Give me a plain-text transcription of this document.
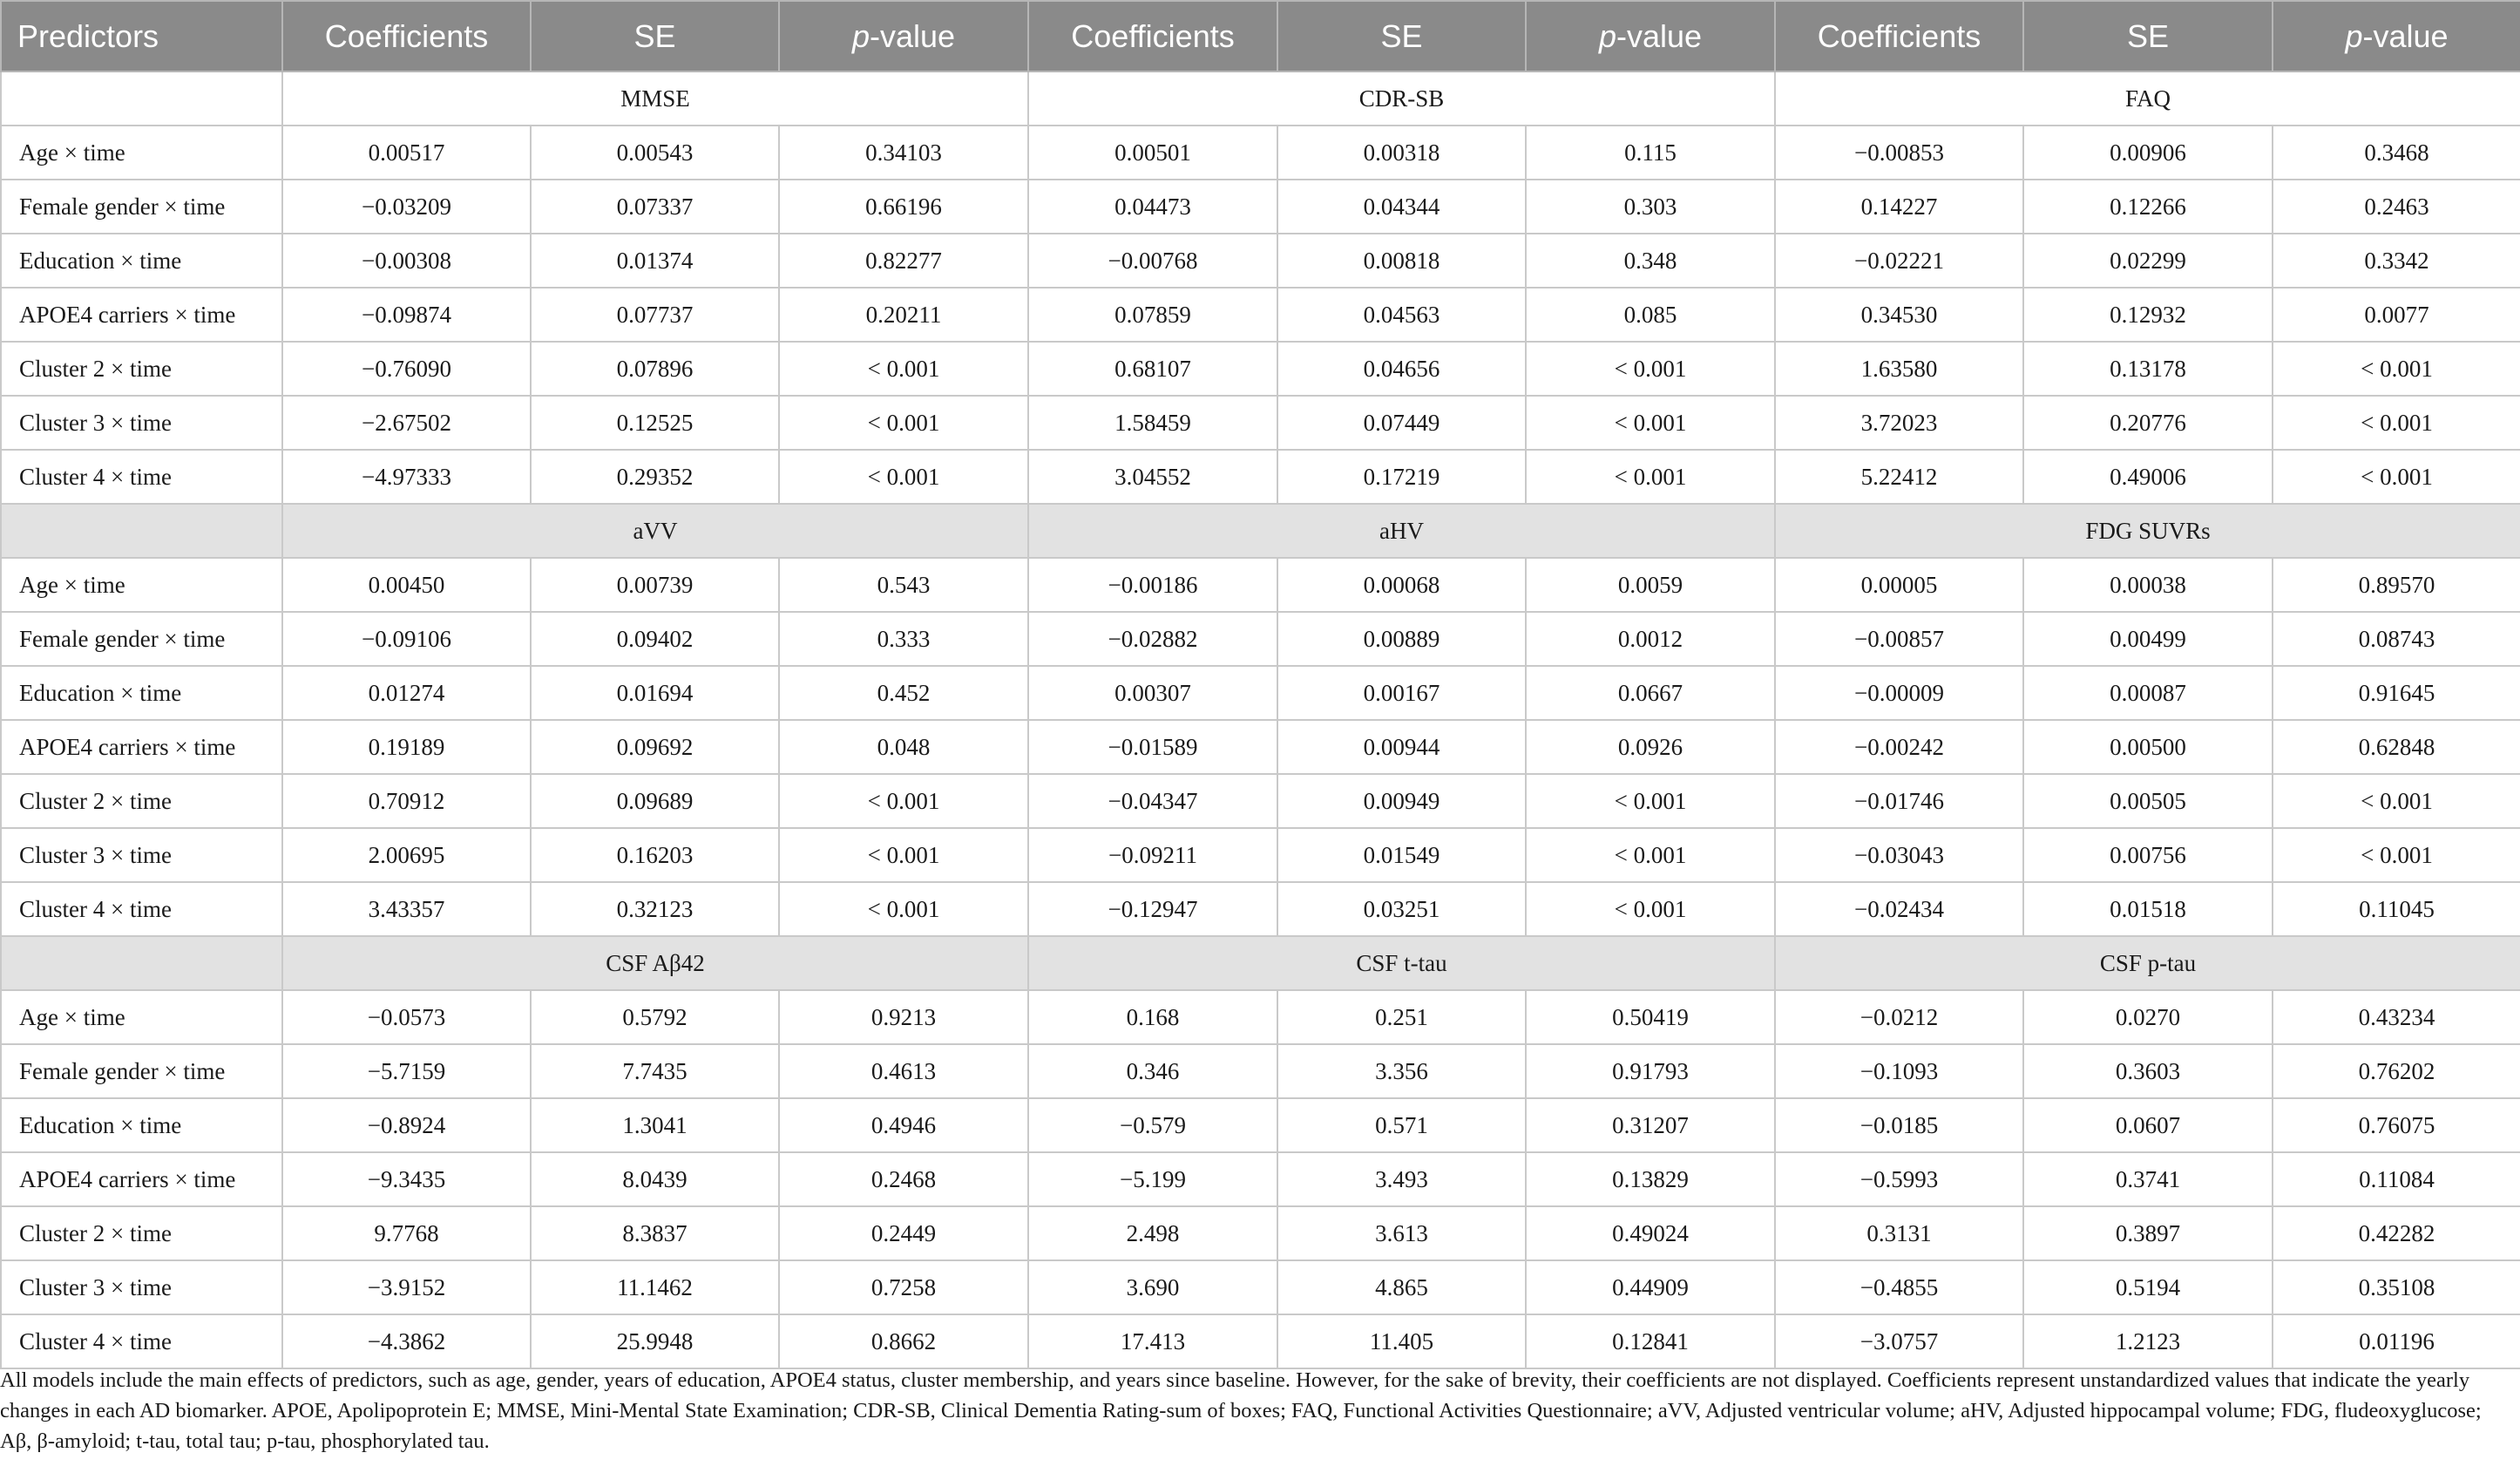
Predictors	Coefficients	SE	p-value	Coefficients	SE	p-value	Coefficients	SE	p-value
	MMSE			CDR-SB			FAQ		
Age × time	0.00517	0.00543	0.34103	0.00501	0.00318	0.115	−0.00853	0.00906	0.3468
Female gender × time	−0.03209	0.07337	0.66196	0.04473	0.04344	0.303	0.14227	0.12266	0.2463
Education × time	−0.00308	0.01374	0.82277	−0.00768	0.00818	0.348	−0.02221	0.02299	0.3342
APOE4 carriers × time	−0.09874	0.07737	0.20211	0.07859	0.04563	0.085	0.34530	0.12932	0.0077
Cluster 2 × time	−0.76090	0.07896	< 0.001	0.68107	0.04656	< 0.001	1.63580	0.13178	< 0.001
Cluster 3 × time	−2.67502	0.12525	< 0.001	1.58459	0.07449	< 0.001	3.72023	0.20776	< 0.001
Cluster 4 × time	−4.97333	0.29352	< 0.001	3.04552	0.17219	< 0.001	5.22412	0.49006	< 0.001
	aVV			aHV			FDG SUVRs		
Age × time	0.00450	0.00739	0.543	−0.00186	0.00068	0.0059	0.00005	0.00038	0.89570
Female gender × time	−0.09106	0.09402	0.333	−0.02882	0.00889	0.0012	−0.00857	0.00499	0.08743
Education × time	0.01274	0.01694	0.452	0.00307	0.00167	0.0667	−0.00009	0.00087	0.91645
APOE4 carriers × time	0.19189	0.09692	0.048	−0.01589	0.00944	0.0926	−0.00242	0.00500	0.62848
Cluster 2 × time	0.70912	0.09689	< 0.001	−0.04347	0.00949	< 0.001	−0.01746	0.00505	< 0.001
Cluster 3 × time	2.00695	0.16203	< 0.001	−0.09211	0.01549	< 0.001	−0.03043	0.00756	< 0.001
Cluster 4 × time	3.43357	0.32123	< 0.001	−0.12947	0.03251	< 0.001	−0.02434	0.01518	0.11045
	CSF Aβ42			CSF t-tau			CSF p-tau		
Age × time	−0.0573	0.5792	0.9213	0.168	0.251	0.50419	−0.0212	0.0270	0.43234
Female gender × time	−5.7159	7.7435	0.4613	0.346	3.356	0.91793	−0.1093	0.3603	0.76202
Education × time	−0.8924	1.3041	0.4946	−0.579	0.571	0.31207	−0.0185	0.0607	0.76075
APOE4 carriers × time	−9.3435	8.0439	0.2468	−5.199	3.493	0.13829	−0.5993	0.3741	0.11084
Cluster 2 × time	9.7768	8.3837	0.2449	2.498	3.613	0.49024	0.3131	0.3897	0.42282
Cluster 3 × time	−3.9152	11.1462	0.7258	3.690	4.865	0.44909	−0.4855	0.5194	0.35108
Cluster 4 × time	−4.3862	25.9948	0.8662	17.413	11.405	0.12841	−3.0757	1.2123	0.01196
All models include the main effects of predictors, such as age, gender, years of education, APOE4 status, cluster membership, and years since baseline. However, for the sake of brevity, their coefficients are not displayed. Coefficients represent unstandardized values that indicate the yearly changes in each AD biomarker. APOE, Apolipoprotein E; MMSE, Mini-Mental State Examination; CDR-SB, Clinical Dementia Rating-sum of boxes; FAQ, Functional Activities Questionnaire; aVV, Adjusted ventricular volume; aHV, Adjusted hippocampal volume; FDG, fludeoxyglucose; Aβ, β-amyloid; t-tau, total tau; p-tau, phosphorylated tau.
